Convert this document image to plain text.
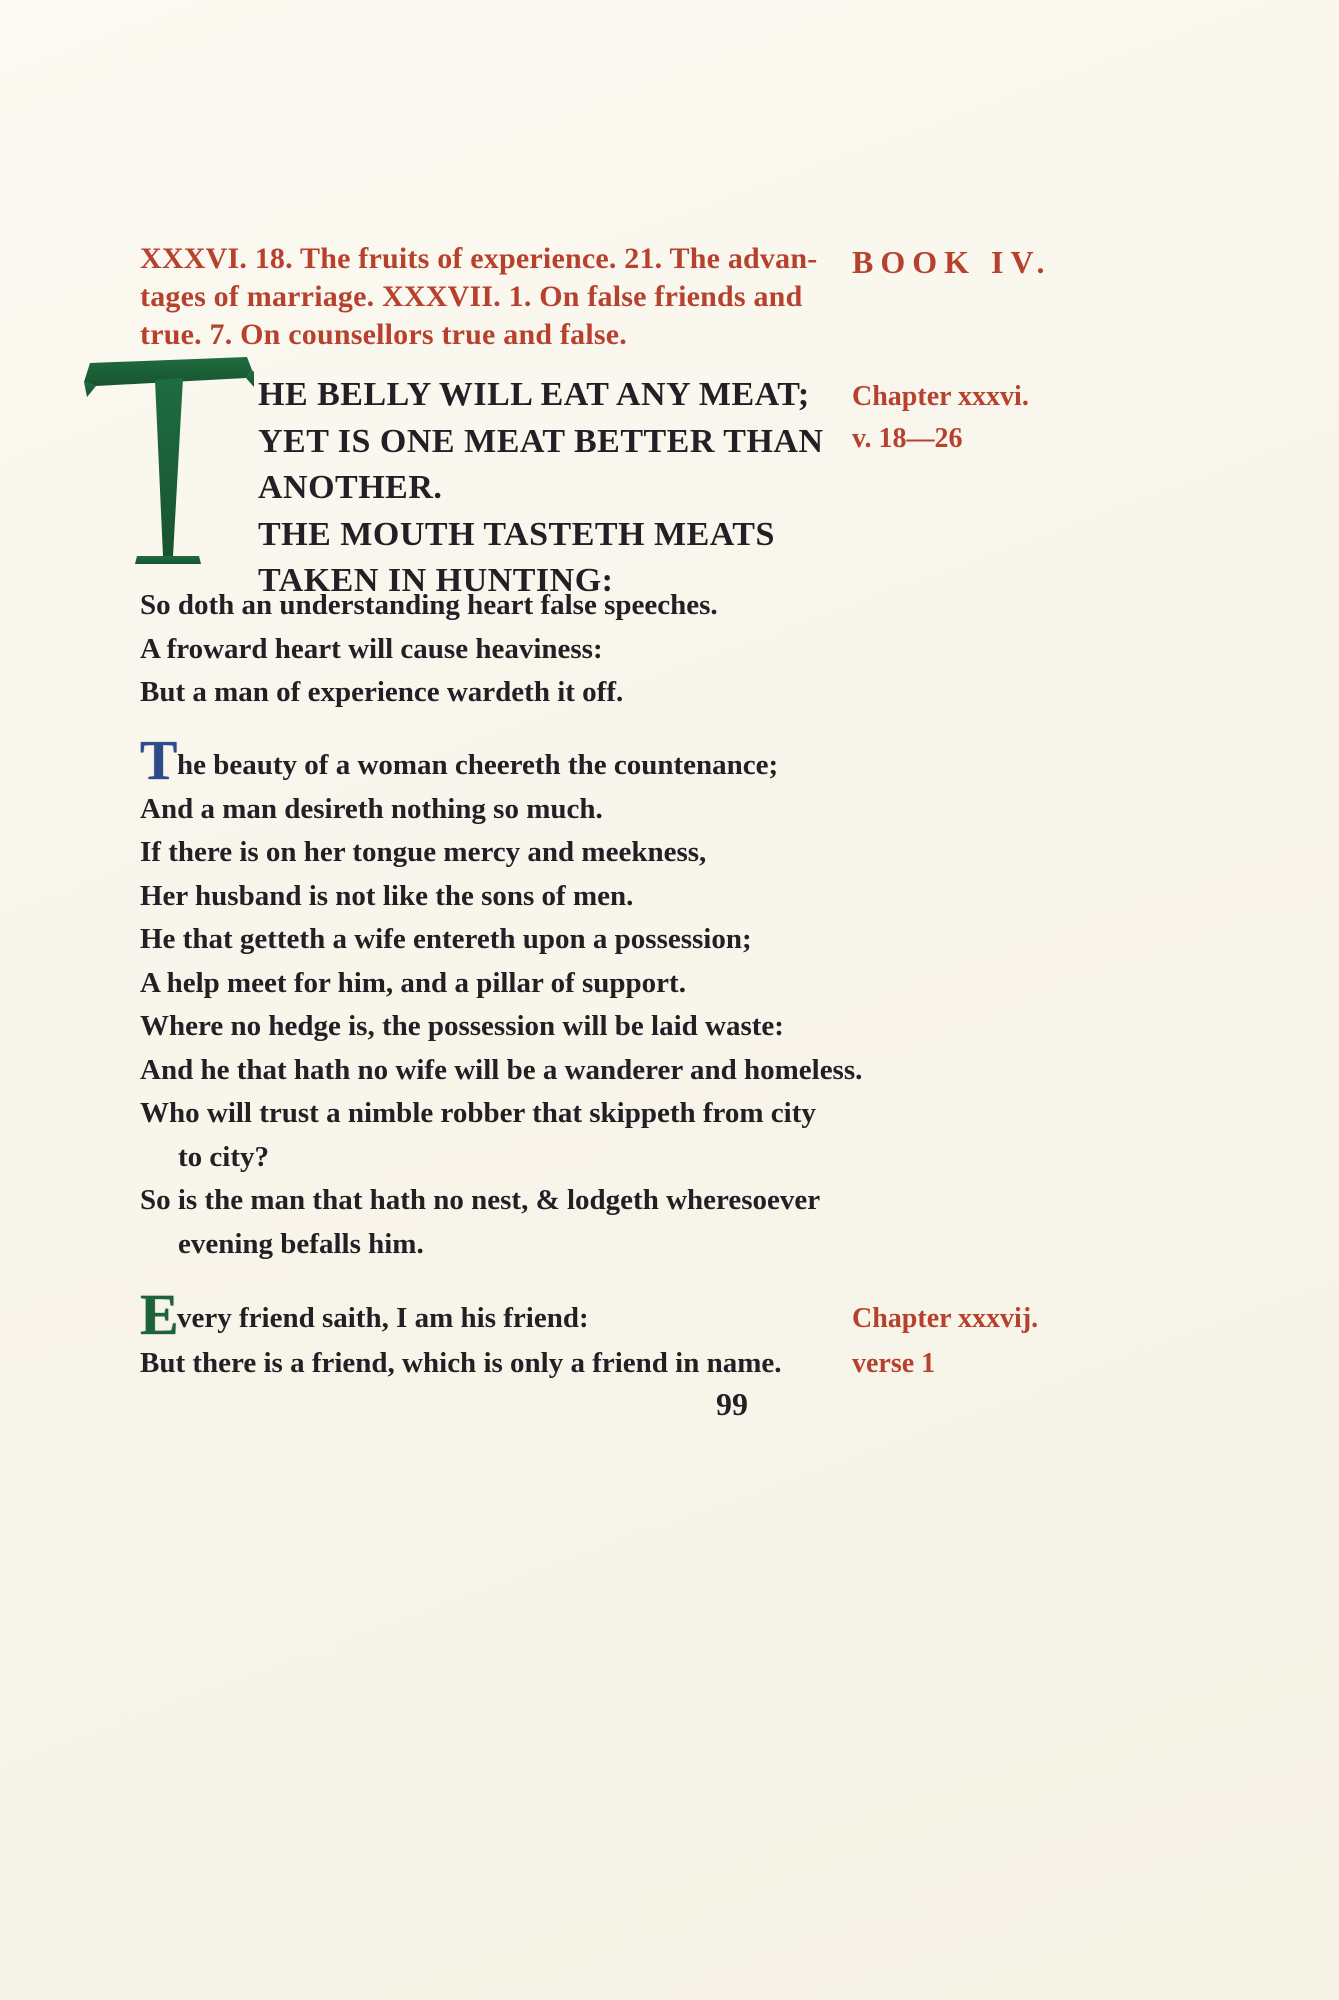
XXXVI. 18. The fruits of experience. 21. The advan-
tages of marriage. XXXVII. 1. On false friends and
true. 7. On counsellors true and false.
BOOK IV.
Chapter xxxvi.
v. 18—26
HE BELLY WILL EAT ANY MEAT;
YET IS ONE MEAT BETTER THAN
ANOTHER.
THE MOUTH TASTETH MEATS
TAKEN IN HUNTING:
So doth an understanding heart false speeches.
A froward heart will cause heaviness:
But a man of experience wardeth it off.
T he beauty of a woman cheereth the countenance;
And a man desireth nothing so much.
If there is on her tongue mercy and meekness,
Her husband is not like the sons of men.
He that getteth a wife entereth upon a possession;
A help meet for him, and a pillar of support.
Where no hedge is, the possession will be laid waste:
And he that hath no wife will be a wanderer and homeless.
Who will trust a nimble robber that skippeth from city
to city?
So is the man that hath no nest, & lodgeth wheresoever
evening befalls him.
Chapter xxxvij.
verse 1
E
very friend saith, I am his friend:
But there is a friend, which is only a friend in name.
99
